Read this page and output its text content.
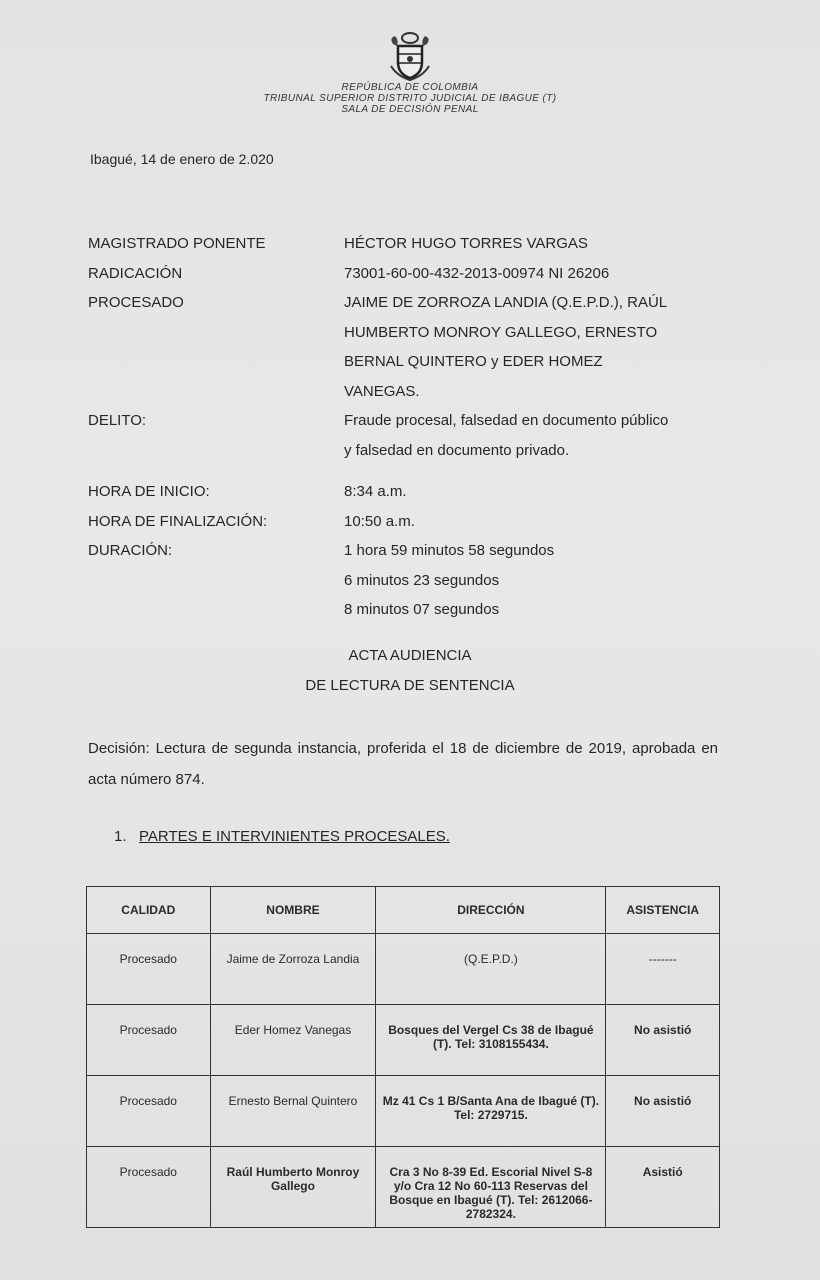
REPÚBLICA DE COLOMBIA
TRIBUNAL SUPERIOR DISTRITO JUDICIAL DE IBAGUE (T)
SALA DE DECISIÓN PENAL
Ibagué, 14 de enero de 2.020
MAGISTRADO PONENTE	HÉCTOR HUGO TORRES VARGAS
RADICACIÓN	73001-60-00-432-2013-00974 NI 26206
PROCESADO	JAIME DE ZORROZA LANDIA (Q.E.P.D.), RAÚL
HUMBERTO MONROY GALLEGO, ERNESTO
BERNAL QUINTERO y EDER HOMEZ
VANEGAS.
DELITO:	Fraude procesal, falsedad en documento público
y falsedad en documento privado.
HORA DE INICIO:	8:34 a.m.
HORA DE FINALIZACIÓN:	10:50 a.m.
DURACIÓN:	1 hora 59 minutos 58 segundos
6 minutos 23 segundos
8 minutos 07 segundos
ACTA AUDIENCIA
DE LECTURA DE SENTENCIA
Decisión: Lectura de segunda instancia, proferida el 18 de diciembre de 2019, aprobada en acta número 874.
1. PARTES E INTERVINIENTES PROCESALES.
CALIDAD	NOMBRE	DIRECCIÓN	ASISTENCIA
Procesado	Jaime de Zorroza Landia	(Q.E.P.D.)	-------
Procesado	Eder Homez Vanegas	Bosques del Vergel Cs 38 de Ibagué (T). Tel: 3108155434.	No asistió
Procesado	Ernesto Bernal Quintero	Mz 41 Cs 1 B/Santa Ana de Ibagué (T). Tel: 2729715.	No asistió
Procesado	Raúl Humberto Monroy Gallego	Cra 3 No 8-39 Ed. Escorial Nivel S-8 y/o Cra 12 No 60-113 Reservas del Bosque en Ibagué (T). Tel: 2612066-2782324.	Asistió
